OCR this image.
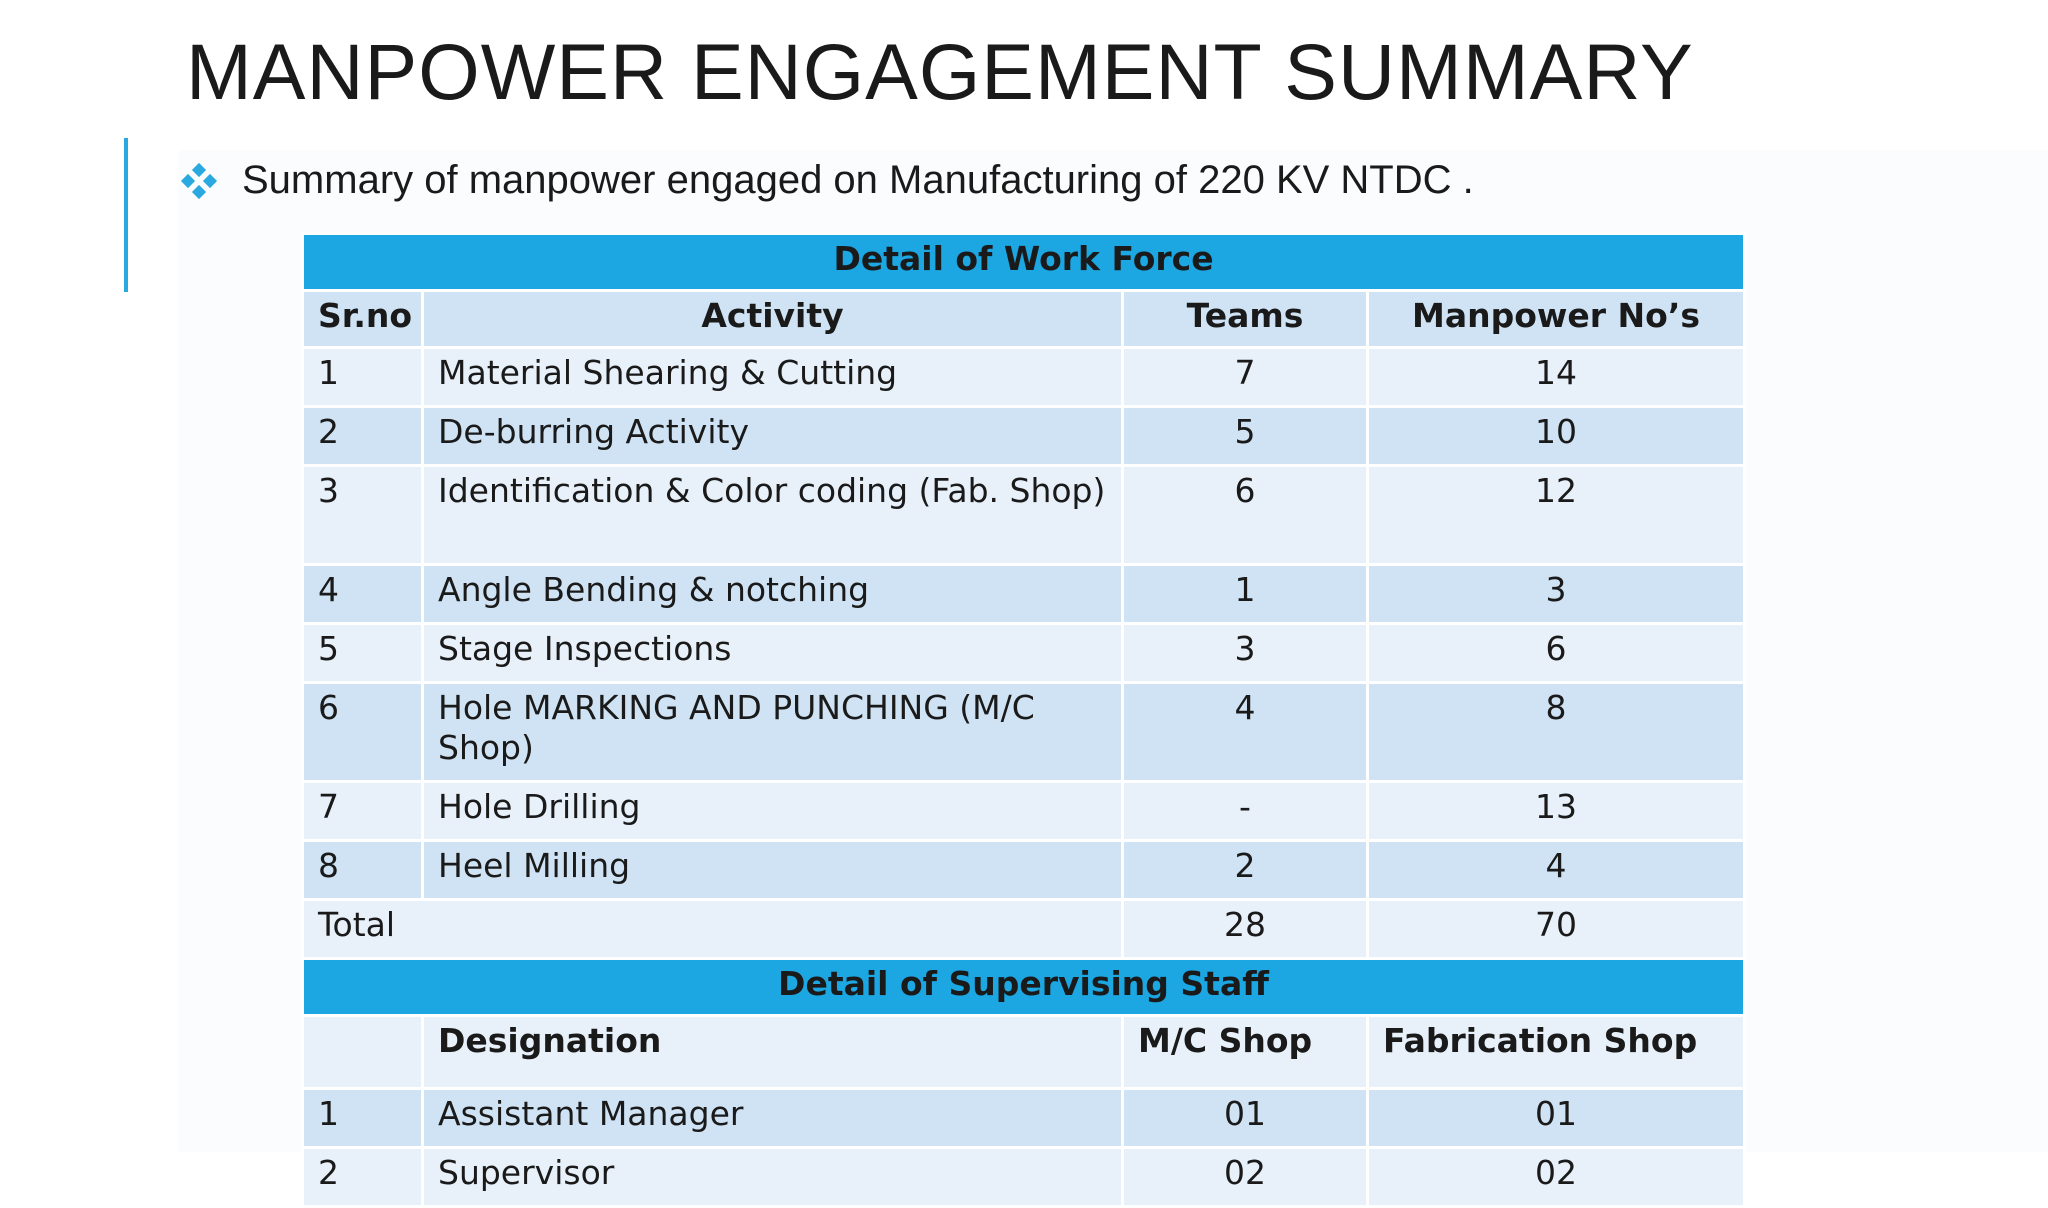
MANPOWER ENGAGEMENT SUMMARY
Summary of manpower engaged on Manufacturing of 220 KV NTDC .
Detail of Work Force			
Sr.no	Activity	Teams	Manpower No’s
1	Material Shearing & Cutting	7	14
2	De-burring Activity	5	10
3	Identification & Color coding (Fab. Shop)	6	12
4	Angle Bending & notching	1	3
5	Stage Inspections	3	6
6	Hole MARKING AND PUNCHING (M/C Shop)	4	8
7	Hole Drilling	-	13
8	Heel Milling	2	4
Total		28	70
Detail of Supervising Staff			
	Designation	M/C Shop	Fabrication Shop
1	Assistant Manager	01	01
2	Supervisor	02	02
